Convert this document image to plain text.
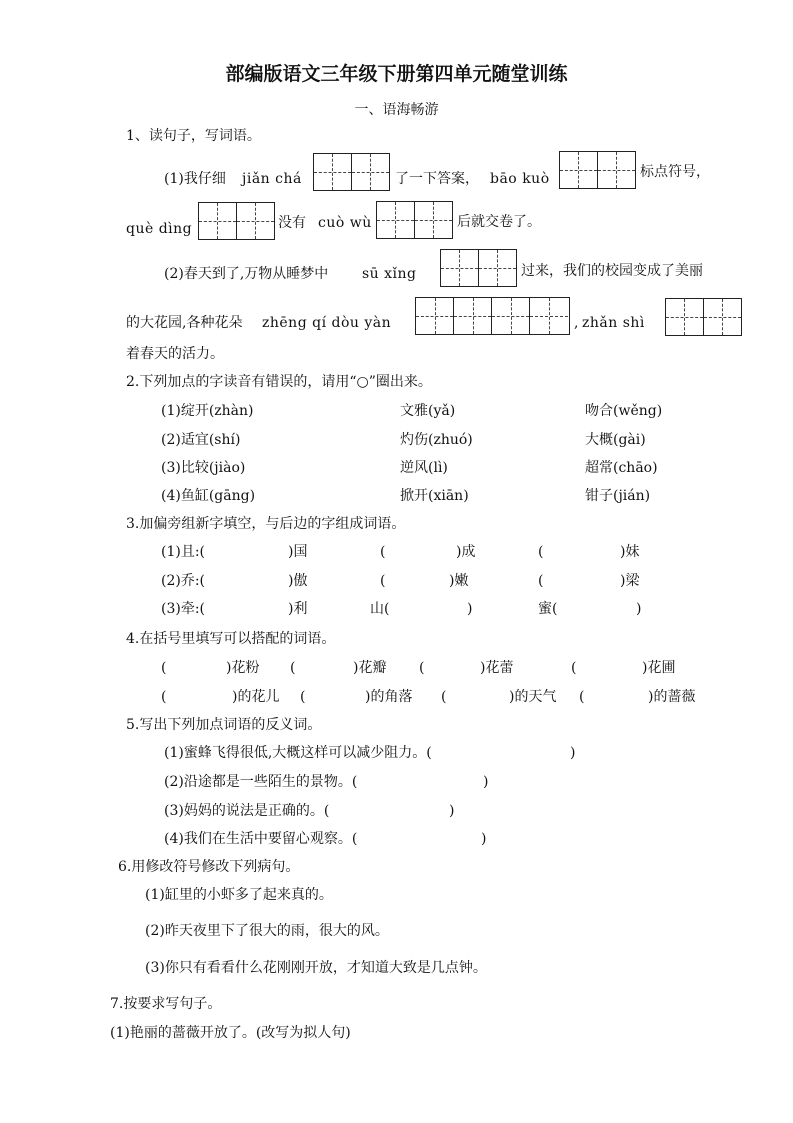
部编版语文三年级下册第四单元随堂训练
一、语海畅游
1、读句子，写词语。
(1)我仔细 jiǎn chá	了一下答案， bāo kuò	标点符号，
què dìng	没有 cuò wù	后就交卷了。
(2)春天到了,万物从睡梦中 sū xǐng	过来，我们的校园变成了美丽
的大花园,各种花朵 zhēng qí dòu yàn	, zhǎn shì
着春天的活力。
2.下列加点的字读音有错误的，请用“○”圈出来。
(1)绽开(zhàn)	文雅(yǎ)	吻合(wěng)
(2)适宜(shí)	灼伤(zhuó)	大概(gài)
(3)比较(jiào)	逆风(lì)	超常(chāo)
(4)鱼缸(gāng)	掀开(xiān)	钳子(jián)
3.加偏旁组新字填空，与后边的字组成词语。
(1)且:(	)国	(	)成	(	)妹
(2)乔:(	)傲	(	)嫩	(	)梁
(3)牵:(	)利	山(	)	蜜(	)
4.在括号里填写可以搭配的词语。
(	)花粉 (	)花瓣 (	)花蕾	(	)花圃
(	)的花儿 (	)的角落 (	)的天气 (	)的蔷薇
5.写出下列加点词语的反义词。
(1)蜜蜂飞得很低,大概这样可以减少阻力。(	)
(2)沿途都是一些陌生的景物。(	)
(3)妈妈的说法是正确的。(	)
(4)我们在生活中要留心观察。(	)
6.用修改符号修改下列病句。
(1)缸里的小虾多了起来真的。
(2)昨天夜里下了很大的雨，很大的风。
(3)你只有看看什么花刚刚开放，才知道大致是几点钟。
7.按要求写句子。
(1)艳丽的蔷薇开放了。(改写为拟人句)
